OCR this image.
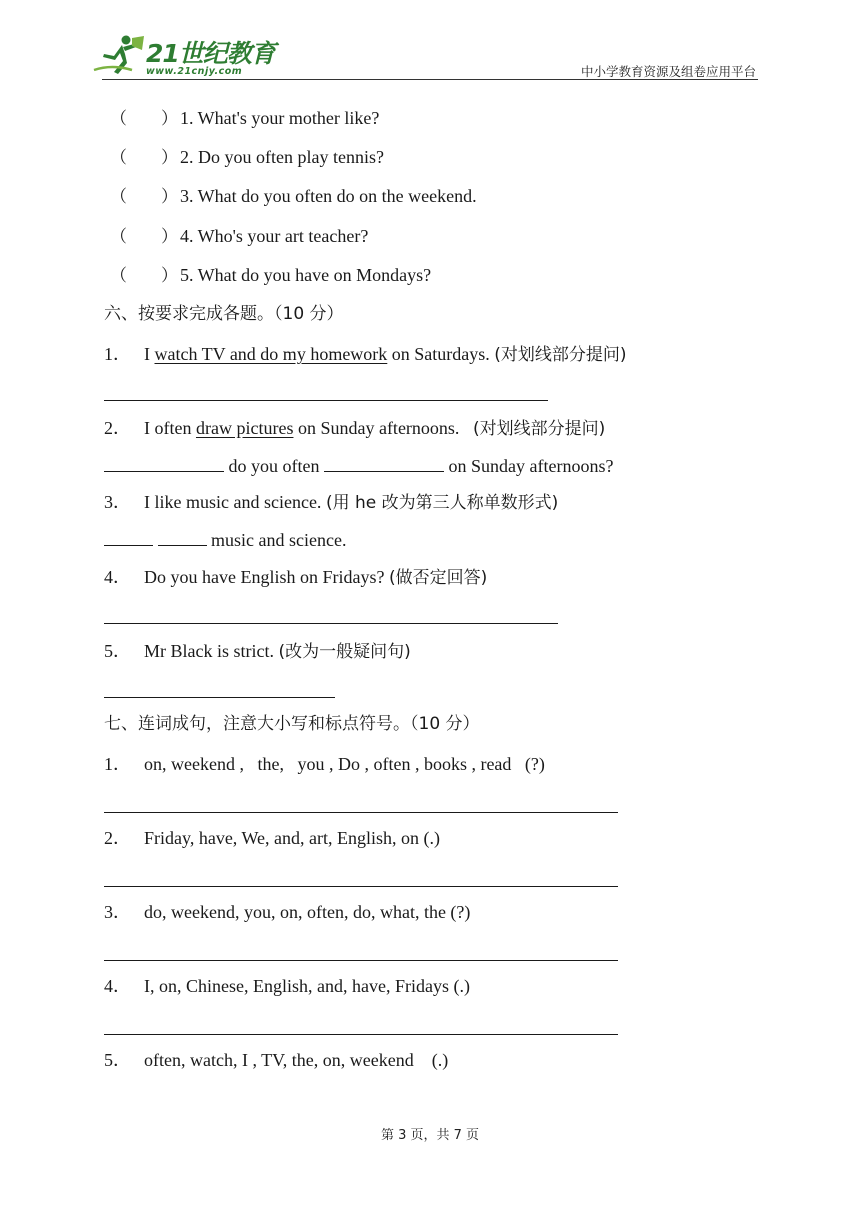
21世纪教育
www.21cnjy.com	中小学教育资源及组卷应用平台
（ ） 1. What's your mother like?
（ ） 2. Do you often play tennis?
（ ） 3. What do you often do on the weekend.
（ ） 4. Who's your art teacher?
（ ） 5. What do you have on Mondays?
六、按要求完成各题。（10 分）
1． I watch TV and do my homework on Saturdays. (对划线部分提问)
2． I often draw pictures on Sunday afternoons.   (对划线部分提问)
do you often	on Sunday afternoons?
3． I like music and science. (用 he 改为第三人称单数形式)
music and science.
4． Do you have English on Fridays? (做否定回答)
5． Mr Black is strict. (改为一般疑问句)
七、连词成句，注意大小写和标点符号。（10 分）
1． on, weekend ,   the,   you , Do , often , books , read   (?)
2． Friday, have, We, and, art, English, on (.)
3． do, weekend, you, on, often, do, what, the (?)
4． I, on, Chinese, English, and, have, Fridays (.)
5． often, watch, I , TV, the, on, weekend    (.)
第 3 页，共 7 页
